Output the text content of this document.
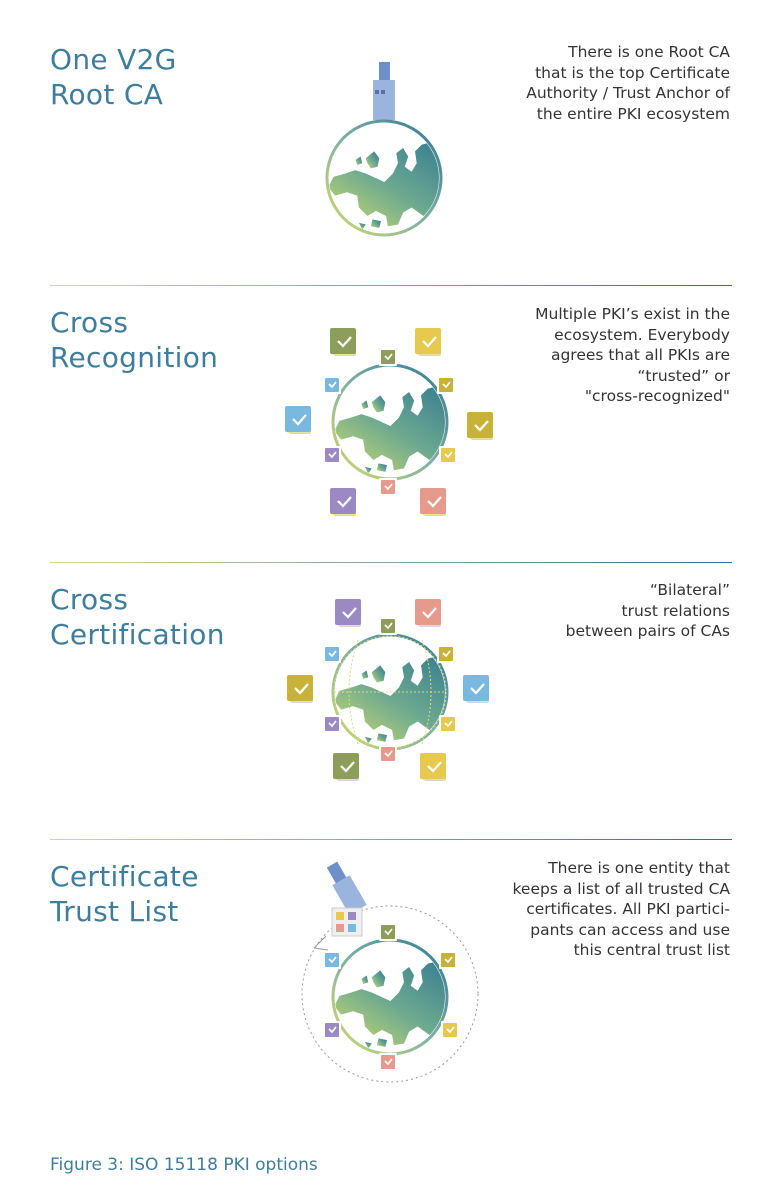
One V2G
Root CA

There is one Root CA
that is the top Certificate
Authority / Trust Anchor of
the entire PKI ecosystem

Cross
Recognition

Multiple PKI’s exist in the
ecosystem. Everybody
agrees that all PKIs are
“trusted” or
"cross-recognized"

Cross
Certification

“Bilateral”
trust relations
between pairs of CAs

Certificate
Trust List

There is one entity that
keeps a list of all trusted CA
certificates. All PKI partici-
pants can access and use
this central trust list

Figure 3: ISO 15118 PKI options
